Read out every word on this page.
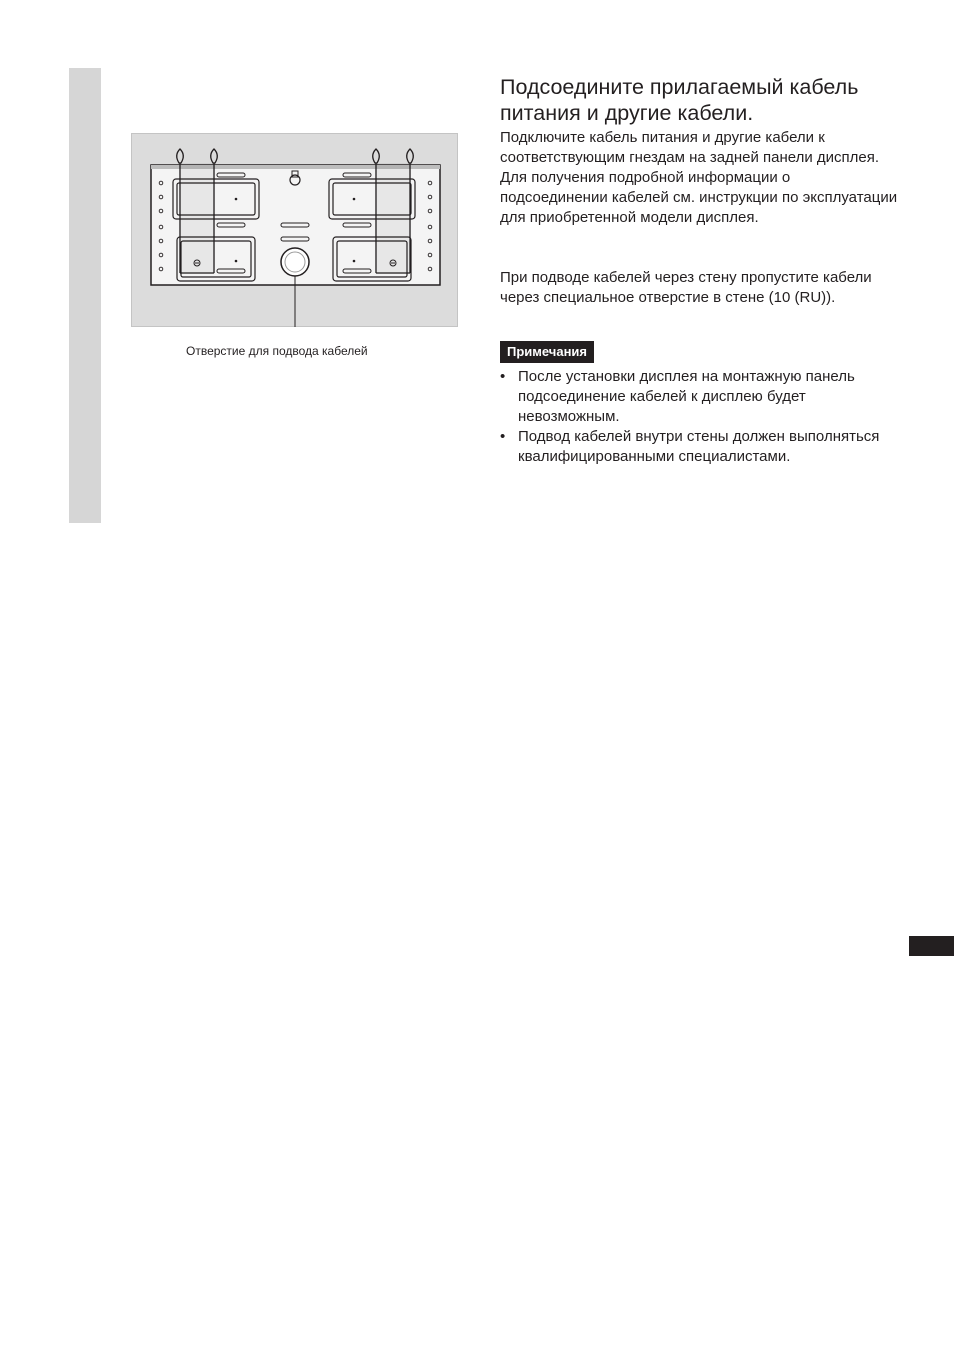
Отверстие для подвода кабелей
Подсоедините прилагаемый кабель питания и другие кабели.

Подключите кабель питания и другие кабели к соответствующим гнездам на задней панели дисплея. Для получения подробной информации о подсоединении кабелей см. инструкции по эксплуатации для приобретенной модели дисплея.

При подводе кабелей через стену пропустите кабели через специальное отверстие в стене (10 (RU)).

Примечания
• После установки дисплея на монтажную панель подсоединение кабелей к дисплею будет невозможным.
• Подвод кабелей внутри стены должен выполняться квалифицированными специалистами.
